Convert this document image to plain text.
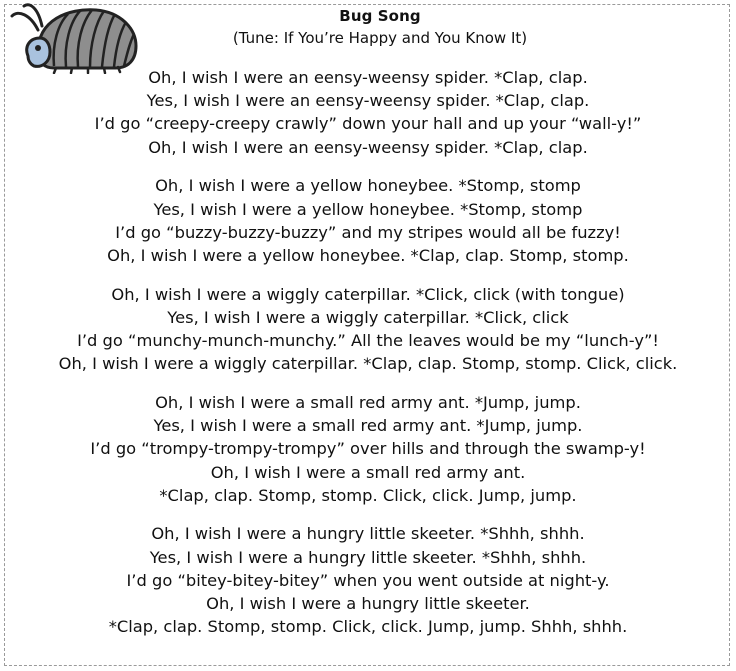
Bug Song
(Tune: If You’re Happy and You Know It)
Oh, I wish I were an eensy-weensy spider. *Clap, clap.
Yes, I wish I were an eensy-weensy spider. *Clap, clap.
I’d go “creepy-creepy crawly” down your hall and up your “wall-y!”
Oh, I wish I were an eensy-weensy spider. *Clap, clap.
Oh, I wish I were a yellow honeybee. *Stomp, stomp
Yes, I wish I were a yellow honeybee. *Stomp, stomp
I’d go “buzzy-buzzy-buzzy” and my stripes would all be fuzzy!
Oh, I wish I were a yellow honeybee. *Clap, clap. Stomp, stomp.
Oh, I wish I were a wiggly caterpillar. *Click, click (with tongue)
Yes, I wish I were a wiggly caterpillar. *Click, click
I’d go “munchy-munch-munchy.” All the leaves would be my “lunch-y”!
Oh, I wish I were a wiggly caterpillar. *Clap, clap. Stomp, stomp. Click, click.
Oh, I wish I were a small red army ant. *Jump, jump.
Yes, I wish I were a small red army ant. *Jump, jump.
I’d go “trompy-trompy-trompy” over hills and through the swamp-y!
Oh, I wish I were a small red army ant.
*Clap, clap. Stomp, stomp. Click, click. Jump, jump.
Oh, I wish I were a hungry little skeeter. *Shhh, shhh.
Yes, I wish I were a hungry little skeeter. *Shhh, shhh.
I’d go “bitey-bitey-bitey” when you went outside at night-y.
Oh, I wish I were a hungry little skeeter.
*Clap, clap. Stomp, stomp. Click, click. Jump, jump. Shhh, shhh.
